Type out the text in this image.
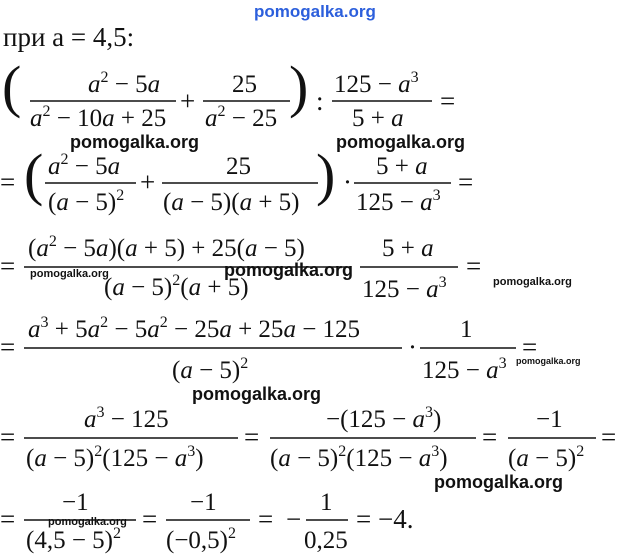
pomogalka.org
pomogalka.org	pomogalka.org
pomogalka.org	pomogalka.org
pomogalka.org
pomogalka.org
pomogalka.org
pomogalka.org
pomogalka.org
при a = 4,5:
(	$a^2 - 5a$
$a^2 - 10a + 25$
+
25
$a^2 - 25$ ) :
$125 - a^3$
5 + a
=
= ( $a^2 - 5a$
$(a - 5)^2$ +
25
(a − 5)(a + 5) ) ·
5 + a
$125 - a^3$ =
=
$(a^2 - 5a)(a + 5) + 25(a - 5)$
$(a - 5)^2(a + 5)$
5 + a
$125 - a^3$
=
=
$a^3 + 5a^2 - 5a^2 - 25a + 25a - 125$
$(a - 5)^2$
·
1
$125 - a^3$
=
=
$a^3 - 125$
$(a - 5)^2(125 - a^3)$
=
$-(125 - a^3)$
$(a - 5)^2(125 - a^3)$
=
−1
$(a - 5)^2$ =
=
−1
$(4,5 - 5)^2$ =
−1
$(-0,5)^2$ = −
1
0,25
= −4.
